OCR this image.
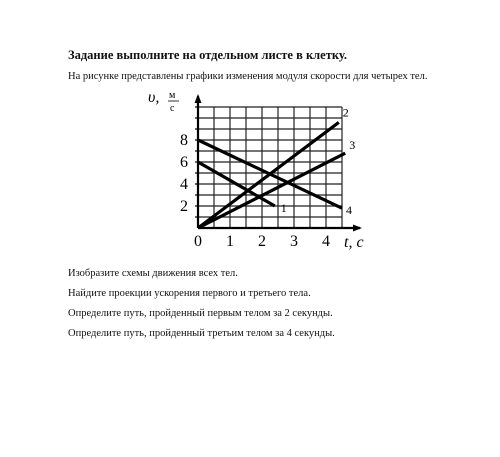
Задание выполните на отдельном листе в клетку.

На рисунке представлены графики изменения модуля скорости для четырех тел.

υ, м
с
t, с
0 1 2 3 4
2
4
6
8
1
2
3
4
Изобразите схемы движения всех тел.
Найдите проекции ускорения первого и третьего тела.
Определите путь, пройденный первым телом за 2 секунды.
Определите путь, пройденный третьим телом за 4 секунды.
